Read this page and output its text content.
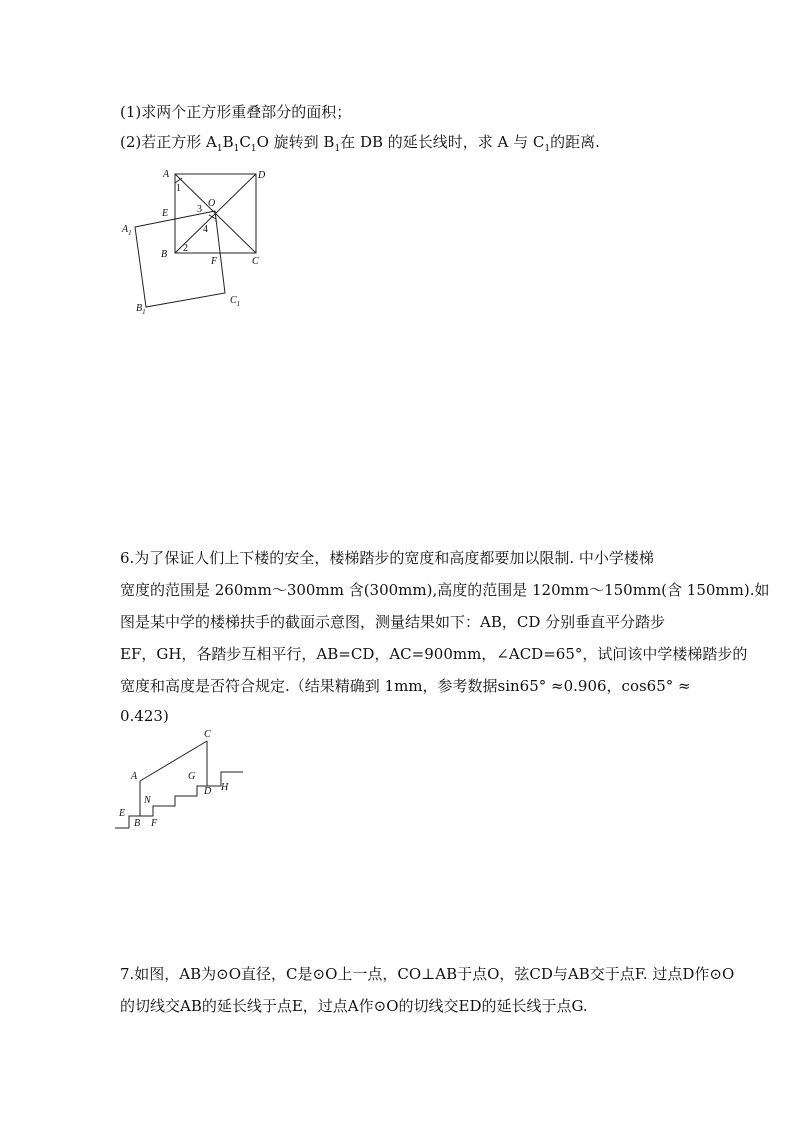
(1)求两个正方形重叠部分的面积；
(2)若正方形 $A_1B_1C_1O$ 旋转到 $B_1$在 DB 的延长线时，求 A 与 $C_1$的距离.
A	D
E
O
$A_1$
B
F	C
$B_1$
$C_1$
1
2
3
4
6.为了保证人们上下楼的安全，楼梯踏步的宽度和高度都要加以限制. 中小学楼梯
宽度的范围是 260mm～300mm 含(300mm),高度的范围是 120mm～150mm(含 150mm).如
图是某中学的楼梯扶手的截面示意图，测量结果如下：AB，CD 分别垂直平分踏步
EF，GH，各踏步互相平行，AB=CD，AC=900mm，∠ACD=65°，试问该中学楼梯踏步的
宽度和高度是否符合规定.（结果精确到 1mm，参考数据sin65° ≈0.906，cos65° ≈
0.423)
C
A	G
D H
N
E
B F
7.如图，AB为⊙O直径，C是⊙O上一点，CO⊥AB于点O，弦CD与AB交于点F. 过点D作⊙O
的切线交AB的延长线于点E，过点A作⊙O的切线交ED的延长线于点G.
